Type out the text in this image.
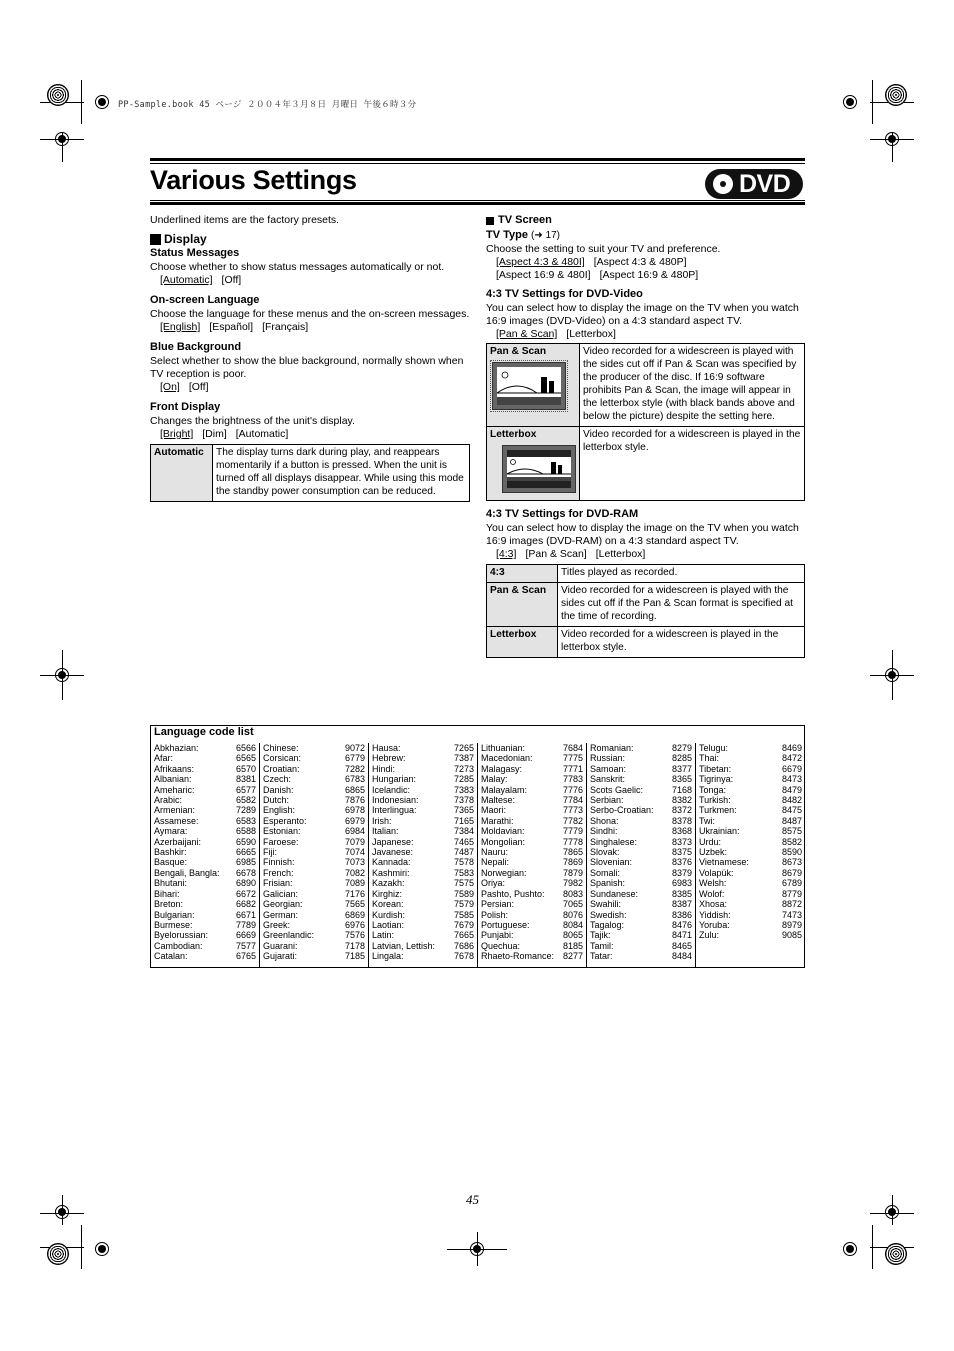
PP-Sample.book 45 ページ ２００４年３月８日 月曜日 午後６時３分
Various Settings	DVD

Underlined items are the factory presets.

Display
Status Messages

Choose whether to show status messages automatically or not.

[Automatic] [Off]

On-screen Language

Choose the language for these menus and the on-screen messages.

[English] [Español] [Français]

Blue Background

Select whether to show the blue background, normally shown when TV reception is poor.

[On] [Off]

Front Display

Changes the brightness of the unit's display.

[Bright] [Dim] [Automatic]

Automatic	The display turns dark during play, and reappears momentarily if a button is pressed. When the unit is turned off all displays disappear. While using this mode the standby power consumption can be reduced.
TV Screen
TV Type (➜ 17)

Choose the setting to suit your TV and preference.

[Aspect 4:3 & 480I] [Aspect 4:3 & 480P]

[Aspect 16:9 & 480I] [Aspect 16:9 & 480P]

4:3 TV Settings for DVD-Video

You can select how to display the image on the TV when you watch 16:9 images (DVD-Video) on a 4:3 standard aspect TV.

[Pan & Scan] [Letterbox]

Pan & Scan	Video recorded for a widescreen is played with the sides cut off if Pan & Scan was specified by the producer of the disc. If 16:9 software prohibits Pan & Scan, the image will appear in the letterbox style (with black bands above and below the picture) despite the setting here.

Letterbox	Video recorded for a widescreen is played in the letterbox style.
4:3 TV Settings for DVD-RAM

You can select how to display the image on the TV when you watch 16:9 images (DVD-RAM) on a 4:3 standard aspect TV.

[4:3] [Pan & Scan] [Letterbox]

4:3	Titles played as recorded.
Pan & Scan	Video recorded for a widescreen is played with the sides cut off if the Pan & Scan format is specified at the time of recording.
Letterbox	Video recorded for a widescreen is played in the letterbox style.
Language code list
Abkhazian:	6566
Afar:	6565
Afrikaans:	6570
Albanian:	8381
Ameharic:	6577
Arabic:	6582
Armenian:	7289
Assamese:	6583
Aymara:	6588
Azerbaijani:	6590
Bashkir:	6665
Basque:	6985
Bengali, Bangla: 6678
Bhutani:	6890
Bihari:	6672
Breton:	6682
Bulgarian:	6671
Burmese:	7789
Byelorussian:	6669
Cambodian:	7577
Catalan:	6765
Chinese:	9072
Corsican:	6779
Croatian:	7282
Czech:	6783
Danish:	6865
Dutch:	7876
English:	6978
Esperanto:	6979
Estonian:	6984
Faroese:	7079
Fiji:	7074
Finnish:	7073
French:	7082
Frisian:	7089
Galician:	7176
Georgian:	7565
German:	6869
Greek:	6976
Greenlandic:	7576
Guarani:	7178
Gujarati:	7185
Hausa:	7265
Hebrew:	7387
Hindi:	7273
Hungarian:	7285
Icelandic:	7383
Indonesian:	7378
Interlingua:	7365
Irish:	7165
Italian:	7384
Japanese:	7465
Javanese:	7487
Kannada:	7578
Kashmiri:	7583
Kazakh:	7575
Kirghiz:	7589
Korean:	7579
Kurdish:	7585
Laotian:	7679
Latin:	7665
Latvian, Lettish: 7686
Lingala:	7678
Lithuanian:	7684
Macedonian:	7775
Malagasy:	7771
Malay:	7783
Malayalam:	7776
Maltese:	7784
Maori:	7773
Marathi:	7782
Moldavian:	7779
Mongolian:	7778
Nauru:	7865
Nepali:	7869
Norwegian:	7879
Oriya:	7982
Pashto, Pushto: 8083
Persian:	7065
Polish:	8076
Portuguese:	8084
Punjabi:	8065
Quechua:	8185
Rhaeto-Romance: 8277
Romanian:	8279
Russian:	8285
Samoan:	8377
Sanskrit:	8365
Scots Gaelic:	7168
Serbian:	8382
Serbo-Croatian: 8372
Shona:	8378
Sindhi:	8368
Singhalese:	8373
Slovak:	8375
Slovenian:	8376
Somali:	8379
Spanish:	6983
Sundanese:	8385
Swahili:	8387
Swedish:	8386
Tagalog:	8476
Tajik:	8471
Tamil:	8465
Tatar:	8484
Telugu:	8469
Thai:	8472
Tibetan:	6679
Tigrinya:	8473
Tonga:	8479
Turkish:	8482
Turkmen:	8475
Twi:	8487
Ukrainian:	8575
Urdu:	8582
Uzbek:	8590
Vietnamese:	8673
Volapük:	8679
Welsh:	6789
Wolof:	8779
Xhosa:	8872
Yiddish:	7473
Yoruba:	8979
Zulu:	9085
45
